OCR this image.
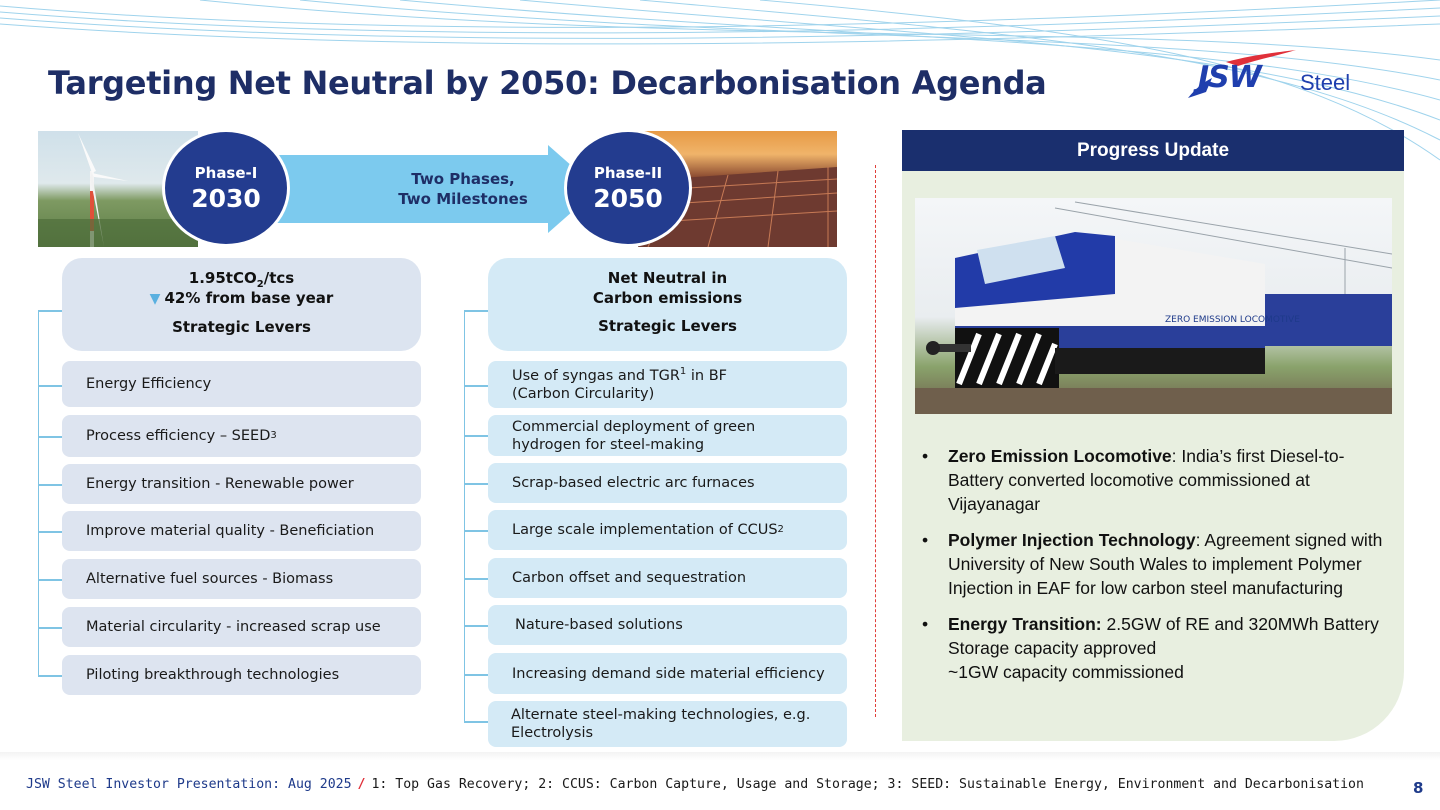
Targeting Net Neutral by 2050: Decarbonisation Agenda	JSW Steel
Two Phases,
Two Milestones
Phase-I
2030
Phase-II
2050
1.95tCO$_2$/tcs
▼ 42% from base year
Strategic Levers
Net Neutral in
Carbon emissions
Strategic Levers
Energy Efficiency
Process efficiency – SEED 3
Energy transition - Renewable power
Improve material quality - Beneficiation
Alternative fuel sources - Biomass
Material circularity - increased scrap use
Piloting breakthrough technologies
Use of syngas and TGR$^1$ in BF
(Carbon Circularity)
Commercial deployment of green
hydrogen for steel-making
Scrap-based electric arc furnaces
Large scale implementation of CCUS 2
Carbon offset and sequestration
Nature-based solutions
Increasing demand side material efficiency
Alternate steel-making technologies, e.g.
Electrolysis
Progress Update
ZERO EMISSION LOCOMOTIVE
• Zero Emission Locomotive: India’s first Diesel-to-Battery converted locomotive commissioned at Vijayanagar
• Polymer Injection Technology: Agreement signed with University of New South Wales to implement Polymer Injection in EAF for low carbon steel manufacturing
• Energy Transition: 2.5GW of RE and 320MWh Battery Storage capacity approved
~1GW capacity commissioned
JSW Steel Investor Presentation: Aug 2025 / 1: Top Gas Recovery; 2: CCUS: Carbon Capture, Usage and Storage; 3: SEED: Sustainable Energy, Environment and Decarbonisation	8
